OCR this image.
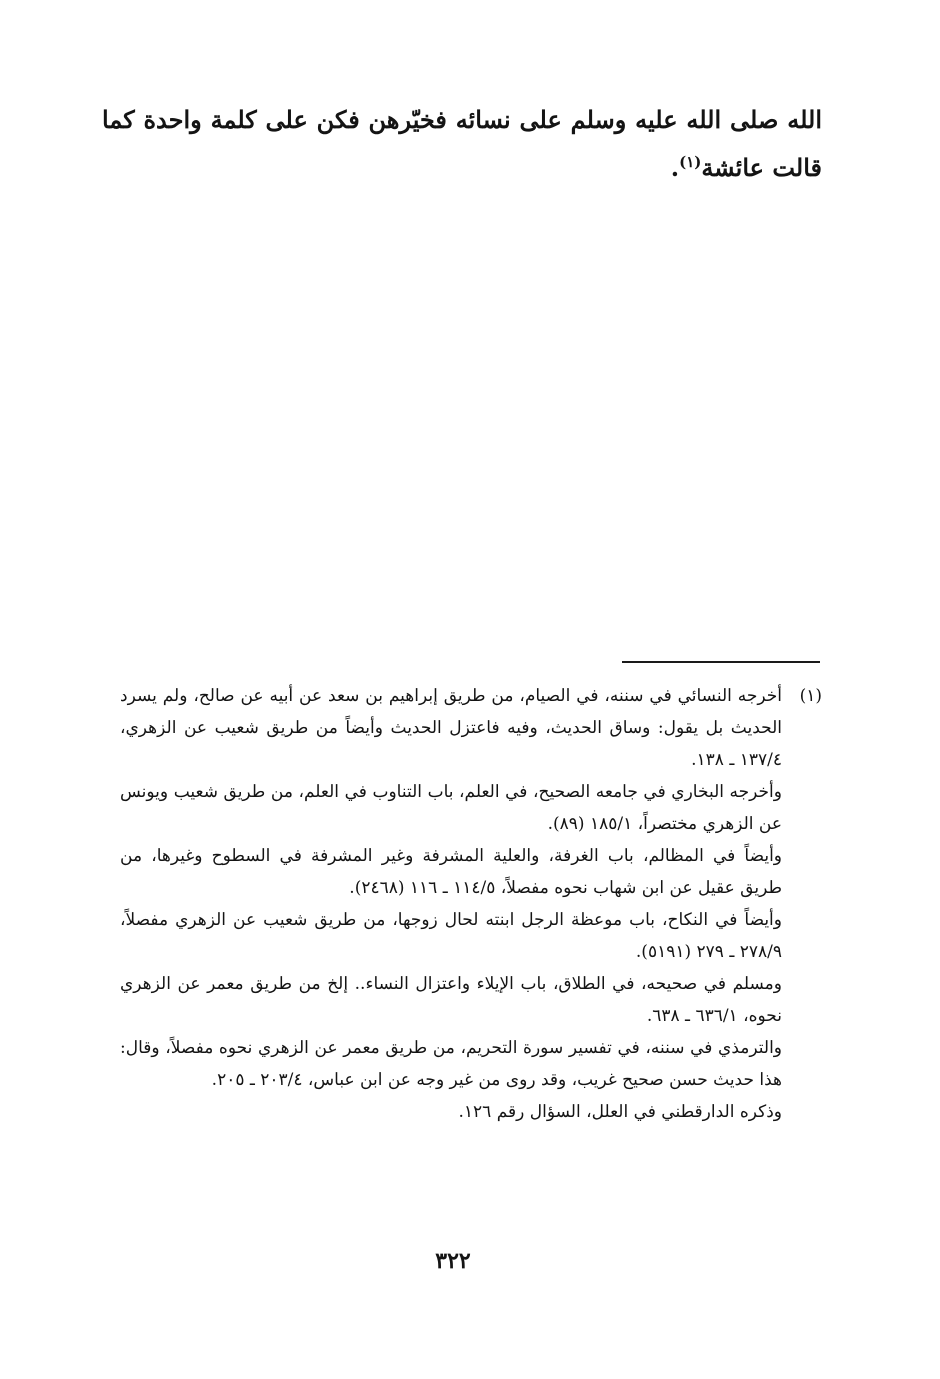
الله صلى الله عليه وسلم على نسائه فخيّرهن فكن على كلمة واحدة كما قالت عائشة$^{(١)}$.

(١)

أخرجه النسائي في سننه، في الصيام، من طريق إبراهيم بن سعد عن أبيه عن صالح، ولم يسرد الحديث بل يقول: وساق الحديث، وفيه فاعتزل الحديث وأيضاً من طريق شعيب عن الزهري، ١٣٧/٤ ـ ١٣٨.

وأخرجه البخاري في جامعه الصحيح، في العلم، باب التناوب في العلم، من طريق شعيب ويونس عن الزهري مختصراً، ١٨٥/١ (٨٩).

وأيضاً في المظالم، باب الغرفة، والعلية المشرفة وغير المشرفة في السطوح وغيرها، من طريق عقيل عن ابن شهاب نحوه مفصلاً، ١١٤/٥ ـ ١١٦ (٢٤٦٨).

وأيضاً في النكاح، باب موعظة الرجل ابنته لحال زوجها، من طريق شعيب عن الزهري مفصلاً، ٢٧٨/٩ ـ ٢٧٩ (٥١٩١).

ومسلم في صحيحه، في الطلاق، باب الإيلاء واعتزال النساء.. إلخ من طريق معمر عن الزهري نحوه، ٦٣٦/١ ـ ٦٣٨.

والترمذي في سننه، في تفسير سورة التحريم، من طريق معمر عن الزهري نحوه مفصلاً، وقال: هذا حديث حسن صحيح غريب، وقد روى من غير وجه عن ابن عباس، ٢٠٣/٤ ـ ٢٠٥.

وذكره الدارقطني في العلل، السؤال رقم ١٢٦.

٣٢٢
